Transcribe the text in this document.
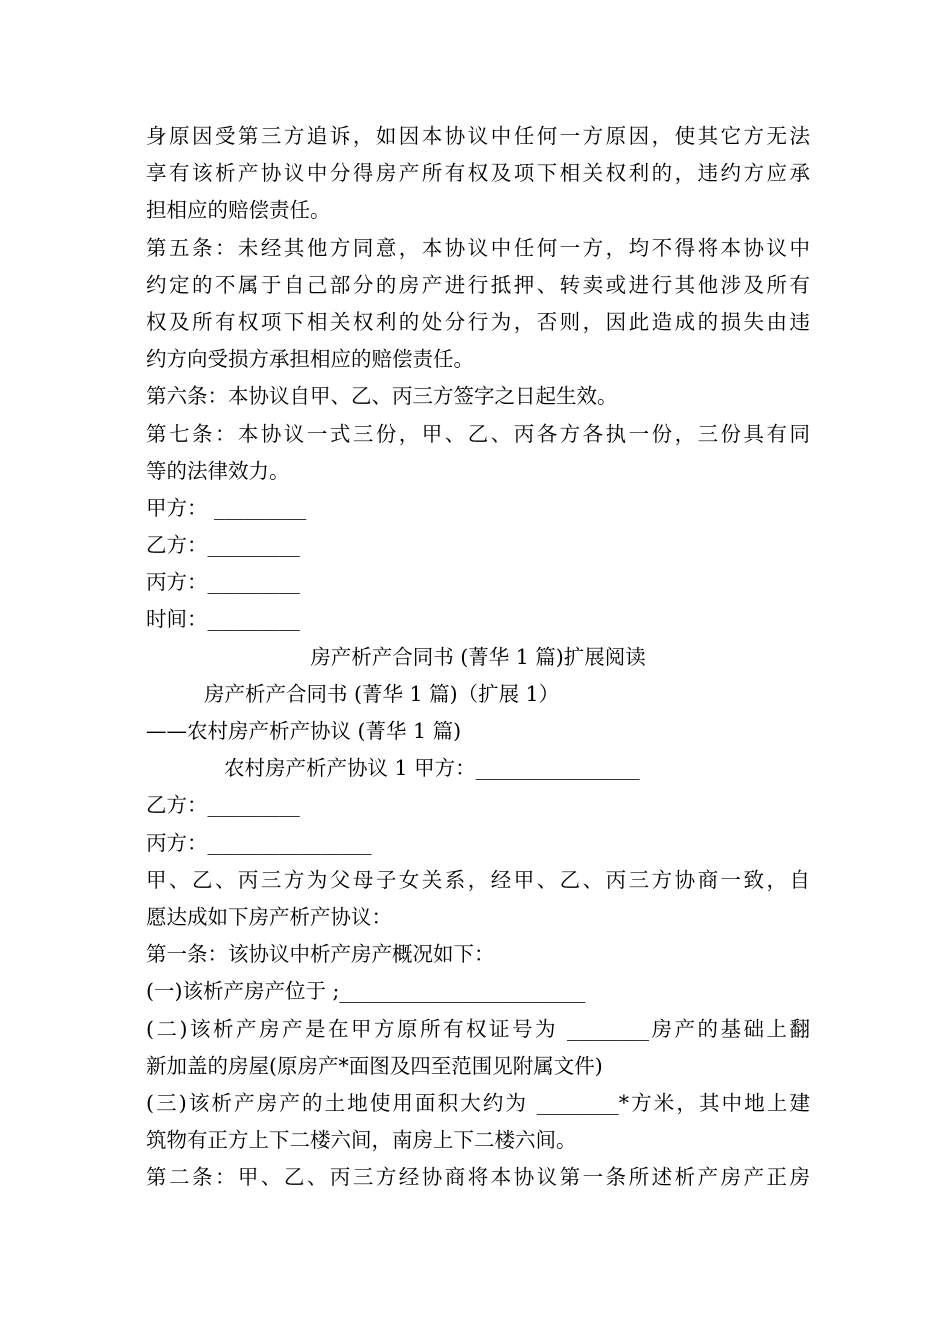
身原因受第三方追诉，如因本协议中任何一方原因，使其它方无法
享有该析产协议中分得房产所有权及项下相关权利的，违约方应承
担相应的赔偿责任。
第五条：未经其他方同意，本协议中任何一方，均不得将本协议中
约定的不属于自己部分的房产进行抵押、转卖或进行其他涉及所有
权及所有权项下相关权利的处分行为，否则，因此造成的损失由违
约方向受损方承担相应的赔偿责任。
第六条：本协议自甲、乙、丙三方签字之日起生效。
第七条：本协议一式三份，甲、乙、丙各方各执一份，三份具有同
等的法律效力。
甲方： _________
乙方：_________
丙方：_________
时间：_________
房产析产合同书 (菁华 1 篇)扩展阅读
房产析产合同书 (菁华 1 篇)（扩展 1）
——农村房产析产协议 (菁华 1 篇)
农村房产析产协议 1 甲方：________________
乙方：_________
丙方：________________
甲、乙、丙三方为父母子女关系，经甲、乙、丙三方协商一致，自
愿达成如下房产析产协议：
第一条：该协议中析产房产概况如下：
(一)该析产房产位于 ;________________________
(二)该析产房产是在甲方原所有权证号为 ________房产的基础上翻
新加盖的房屋(原房产*面图及四至范围见附属文件)
(三)该析产房产的土地使用面积大约为 ________*方米，其中地上建
筑物有正方上下二楼六间，南房上下二楼六间。
第二条：甲、乙、丙三方经协商将本协议第一条所述析产房产正房
